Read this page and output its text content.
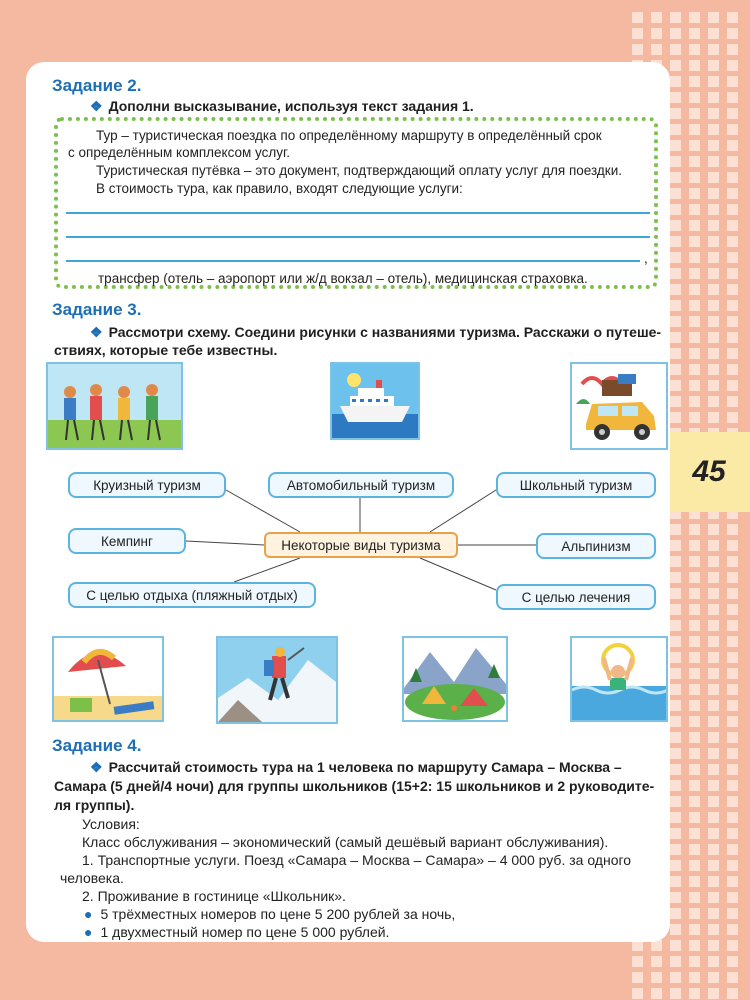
45
Задание 2.
❖ Дополни высказывание, используя текст задания 1.
Тур – туристическая поездка по определённому маршруту в определённый срок
с определённым комплексом услуг.
Туристическая путёвка – это документ, подтверждающий оплату услуг для поездки.
В стоимость тура, как правило, входят следующие услуги:
,
трансфер (отель – аэропорт или ж/д вокзал – отель), медицинская страховка.
Задание 3.
❖ Рассмотри схему. Соедини рисунки с названиями туризма. Расскажи о путеше-
ствиях, которые тебе известны.
Круизный туризм	Автомобильный туризм	Школьный туризм
Кемпинг	Некоторые виды туризма	Альпинизм
С целью отдыха (пляжный отдых)	С целью лечения
Задание 4.
❖ Рассчитай стоимость тура на 1 человека по маршруту Самара – Москва –
Самара (5 дней/4 ночи) для группы школьников (15+2: 15 школьников и 2 руководите-
ля группы).
Условия:
Класс обслуживания – экономический (самый дешёвый вариант обслуживания).
1. Транспортные услуги. Поезд «Самара – Москва – Самара» – 4 000 руб. за одного
человека.
2. Проживание в гостинице «Школьник».
● 5 трёхместных номеров по цене 5 200 рублей за ночь,
● 1 двухместный номер по цене 5 000 рублей.
